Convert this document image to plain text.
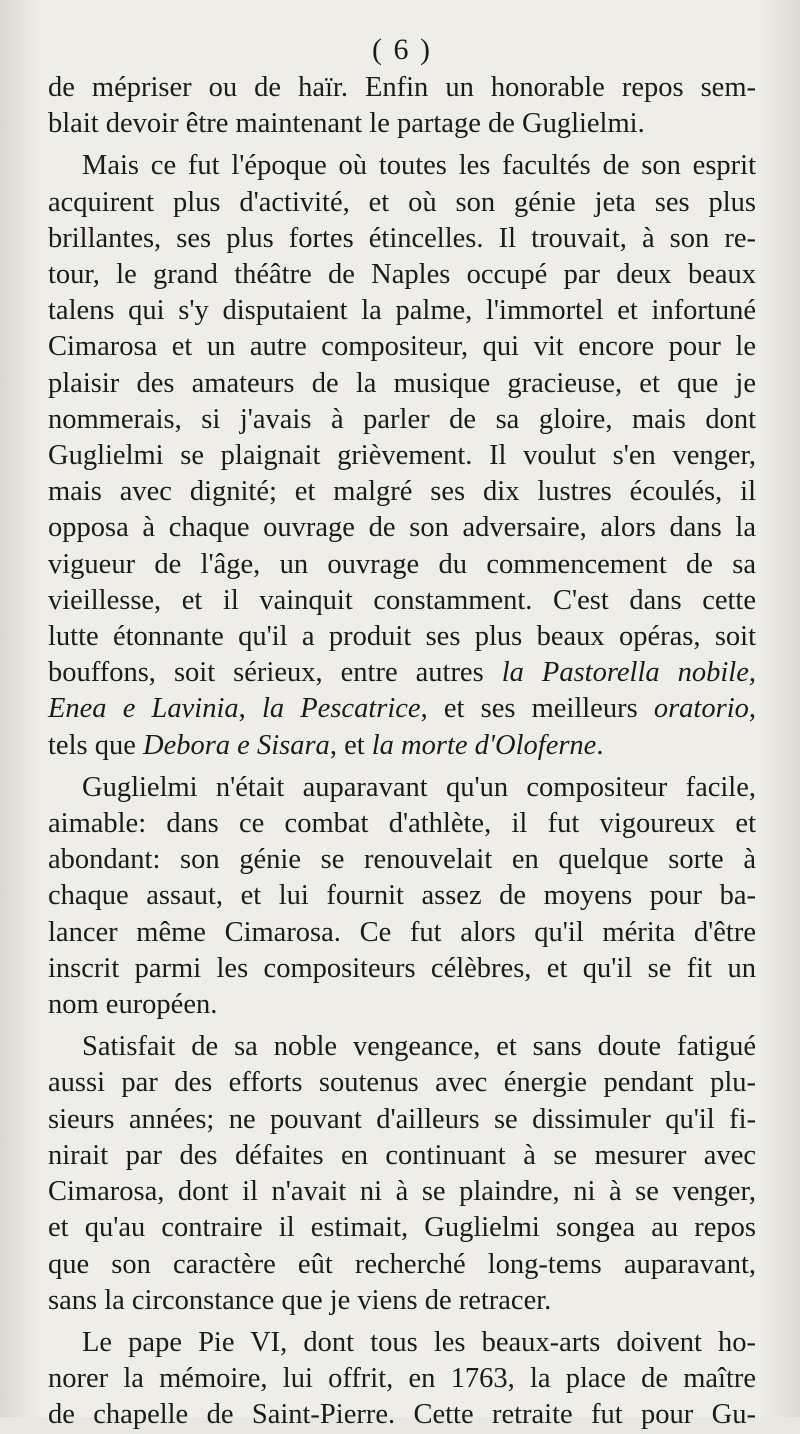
( 6 )

de mépriser ou de haïr. Enfin un honorable repos sem-
blait devoir être maintenant le partage de Guglielmi.

Mais ce fut l'époque où toutes les facultés de son esprit
acquirent plus d'activité, et où son génie jeta ses plus
brillantes, ses plus fortes étincelles. Il trouvait, à son re-
tour, le grand théâtre de Naples occupé par deux beaux
talens qui s'y disputaient la palme, l'immortel et infortuné
Cimarosa et un autre compositeur, qui vit encore pour le
plaisir des amateurs de la musique gracieuse, et que je
nommerais, si j'avais à parler de sa gloire, mais dont
Guglielmi se plaignait grièvement. Il voulut s'en venger,
mais avec dignité; et malgré ses dix lustres écoulés, il
opposa à chaque ouvrage de son adversaire, alors dans la
vigueur de l'âge, un ouvrage du commencement de sa
vieillesse, et il vainquit constamment. C'est dans cette
lutte étonnante qu'il a produit ses plus beaux opéras, soit
bouffons, soit sérieux, entre autres la Pastorella nobile,
Enea e Lavinia, la Pescatrice, et ses meilleurs oratorio,
tels que Debora e Sisara, et la morte d'Oloferne.

Guglielmi n'était auparavant qu'un compositeur facile,
aimable: dans ce combat d'athlète, il fut vigoureux et
abondant: son génie se renouvelait en quelque sorte à
chaque assaut, et lui fournit assez de moyens pour ba-
lancer même Cimarosa. Ce fut alors qu'il mérita d'être
inscrit parmi les compositeurs célèbres, et qu'il se fit un
nom européen.

Satisfait de sa noble vengeance, et sans doute fatigué
aussi par des efforts soutenus avec énergie pendant plu-
sieurs années; ne pouvant d'ailleurs se dissimuler qu'il fi-
nirait par des défaites en continuant à se mesurer avec
Cimarosa, dont il n'avait ni à se plaindre, ni à se venger,
et qu'au contraire il estimait, Guglielmi songea au repos
que son caractère eût recherché long-tems auparavant,
sans la circonstance que je viens de retracer.

Le pape Pie VI, dont tous les beaux-arts doivent ho-
norer la mémoire, lui offrit, en 1763, la place de maître
de chapelle de Saint-Pierre. Cette retraite fut pour Gu-
